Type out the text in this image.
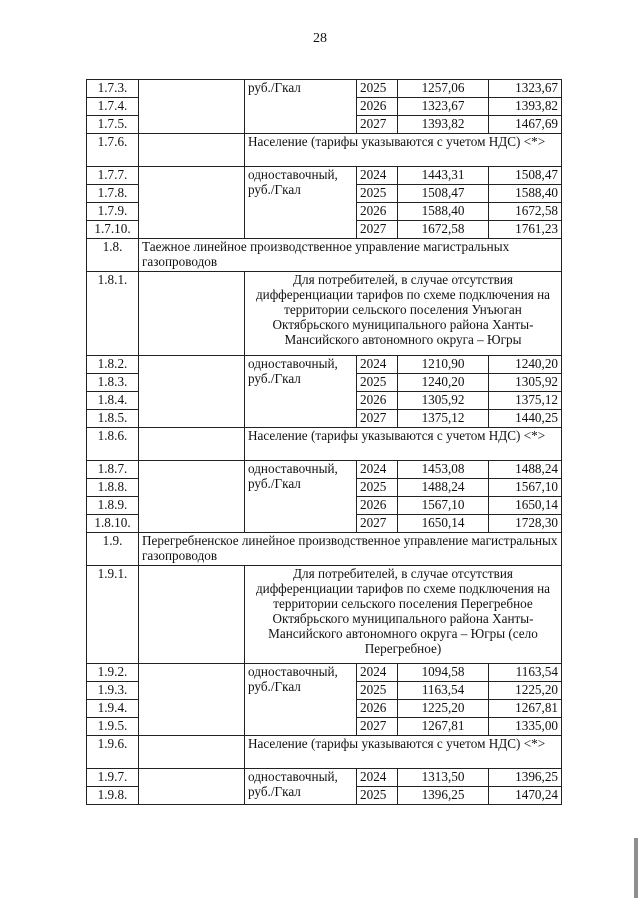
28
1.7.3.		руб./Гкал	2025	1257,06	1323,67
1.7.4.			2026	1323,67	1393,82
1.7.5.			2027	1393,82	1467,69
1.7.6.		Население (тарифы указываются с учетом НДС) <*>			
1.7.7.		одноставочный, руб./Гкал	2024	1443,31	1508,47
1.7.8.			2025	1508,47	1588,40
1.7.9.			2026	1588,40	1672,58
1.7.10.			2027	1672,58	1761,23
1.8.	Таежное линейное производственное управление магистральных газопроводов				
1.8.1.		Для потребителей, в случае отсутствия дифференциации тарифов по схеме подключения на территории сельского поселения Унъюган Октябрьского муниципального района Ханты-Мансийского автономного округа – Югры			
1.8.2.		одноставочный, руб./Гкал	2024	1210,90	1240,20
1.8.3.			2025	1240,20	1305,92
1.8.4.			2026	1305,92	1375,12
1.8.5.			2027	1375,12	1440,25
1.8.6.		Население (тарифы указываются с учетом НДС) <*>			
1.8.7.		одноставочный, руб./Гкал	2024	1453,08	1488,24
1.8.8.			2025	1488,24	1567,10
1.8.9.			2026	1567,10	1650,14
1.8.10.			2027	1650,14	1728,30
1.9.	Перегребненское линейное производственное управление магистральных газопроводов				
1.9.1.		Для потребителей, в случае отсутствия дифференциации тарифов по схеме подключения на территории сельского поселения Перегребное Октябрьского муниципального района Ханты-Мансийского автономного округа – Югры (село Перегребное)			
1.9.2.		одноставочный, руб./Гкал	2024	1094,58	1163,54
1.9.3.			2025	1163,54	1225,20
1.9.4.			2026	1225,20	1267,81
1.9.5.			2027	1267,81	1335,00
1.9.6.		Население (тарифы указываются с учетом НДС) <*>			
1.9.7.		одноставочный, руб./Гкал	2024	1313,50	1396,25
1.9.8.			2025	1396,25	1470,24
